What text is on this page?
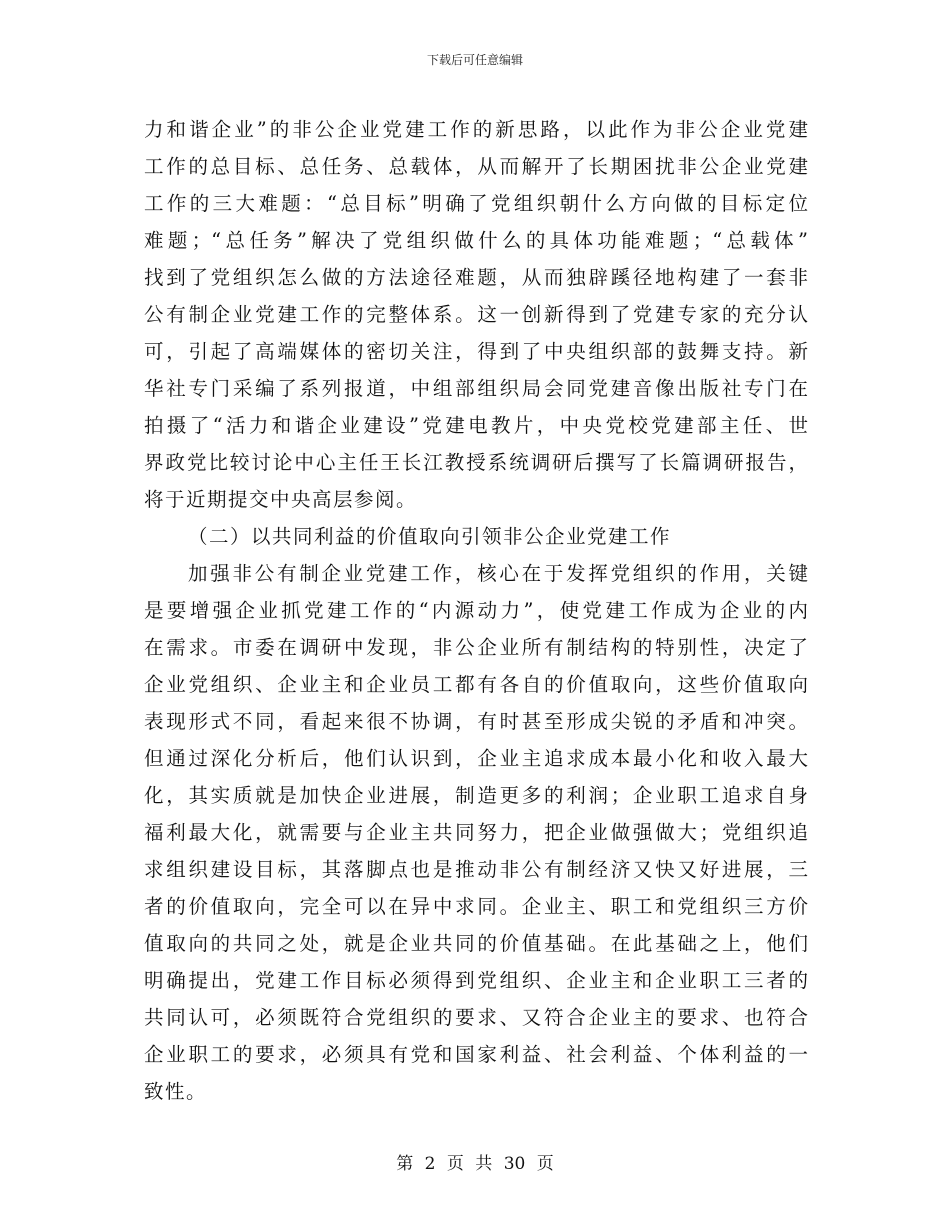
下载后可任意编辑
力和谐企业”的非公企业党建工作的新思路，以此作为非公企业党建
工作的总目标、总任务、总载体，从而解开了长期困扰非公企业党建
工作的三大难题：“总目标”明确了党组织朝什么方向做的目标定位
难题；“总任务”解决了党组织做什么的具体功能难题；“总载体”
找到了党组织怎么做的方法途径难题，从而独辟蹊径地构建了一套非
公有制企业党建工作的完整体系。这一创新得到了党建专家的充分认
可，引起了高端媒体的密切关注，得到了中央组织部的鼓舞支持。新
华社专门采编了系列报道，中组部组织局会同党建音像出版社专门在
拍摄了“活力和谐企业建设”党建电教片，中央党校党建部主任、世
界政党比较讨论中心主任王长江教授系统调研后撰写了长篇调研报告，
将于近期提交中央高层参阅。
（二）以共同利益的价值取向引领非公企业党建工作
加强非公有制企业党建工作，核心在于发挥党组织的作用，关键
是要增强企业抓党建工作的“内源动力”，使党建工作成为企业的内
在需求。市委在调研中发现，非公企业所有制结构的特别性，决定了
企业党组织、企业主和企业员工都有各自的价值取向，这些价值取向
表现形式不同，看起来很不协调，有时甚至形成尖锐的矛盾和冲突。
但通过深化分析后，他们认识到，企业主追求成本最小化和收入最大
化，其实质就是加快企业进展，制造更多的利润；企业职工追求自身
福利最大化，就需要与企业主共同努力，把企业做强做大；党组织追
求组织建设目标，其落脚点也是推动非公有制经济又快又好进展，三
者的价值取向，完全可以在异中求同。企业主、职工和党组织三方价
值取向的共同之处，就是企业共同的价值基础。在此基础之上，他们
明确提出，党建工作目标必须得到党组织、企业主和企业职工三者的
共同认可，必须既符合党组织的要求、又符合企业主的要求、也符合
企业职工的要求，必须具有党和国家利益、社会利益、个体利益的一
致性。
第 2 页 共 30 页
